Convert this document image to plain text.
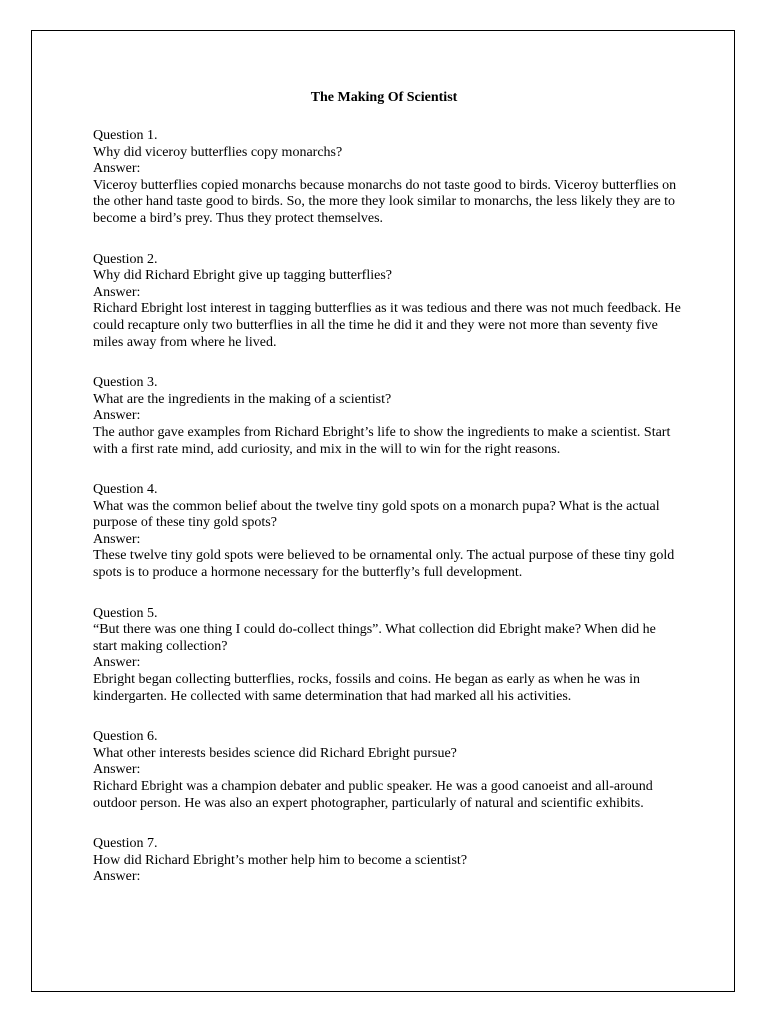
The Making Of Scientist

Question 1.

Why did viceroy butterflies copy monarchs?

Answer:

Viceroy butterflies copied monarchs because monarchs do not taste good to birds. Viceroy butterflies on the other hand taste good to birds. So, the more they look similar to monarchs, the less likely they are to become a bird’s prey. Thus they protect themselves.

Question 2.

Why did Richard Ebright give up tagging butterflies?

Answer:

Richard Ebright lost interest in tagging butterflies as it was tedious and there was not much feedback. He could recapture only two butterflies in all the time he did it and they were not more than seventy five miles away from where he lived.

Question 3.

What are the ingredients in the making of a scientist?

Answer:

The author gave examples from Richard Ebright’s life to show the ingredients to make a scientist. Start with a first rate mind, add curiosity, and mix in the will to win for the right reasons.

Question 4.

What was the common belief about the twelve tiny gold spots on a monarch pupa? What is the actual purpose of these tiny gold spots?

Answer:

These twelve tiny gold spots were believed to be ornamental only. The actual purpose of these tiny gold spots is to produce a hormone necessary for the butterfly’s full development.

Question 5.

“But there was one thing I could do-collect things”. What collection did Ebright make? When did he start making collection?

Answer:

Ebright began collecting butterflies, rocks, fossils and coins. He began as early as when he was in kindergarten. He collected with same determination that had marked all his activities.

Question 6.

What other interests besides science did Richard Ebright pursue?

Answer:

Richard Ebright was a champion debater and public speaker. He was a good canoeist and all-around outdoor person. He was also an expert photographer, particularly of natural and scientific exhibits.

Question 7.

How did Richard Ebright’s mother help him to become a scientist?

Answer:
